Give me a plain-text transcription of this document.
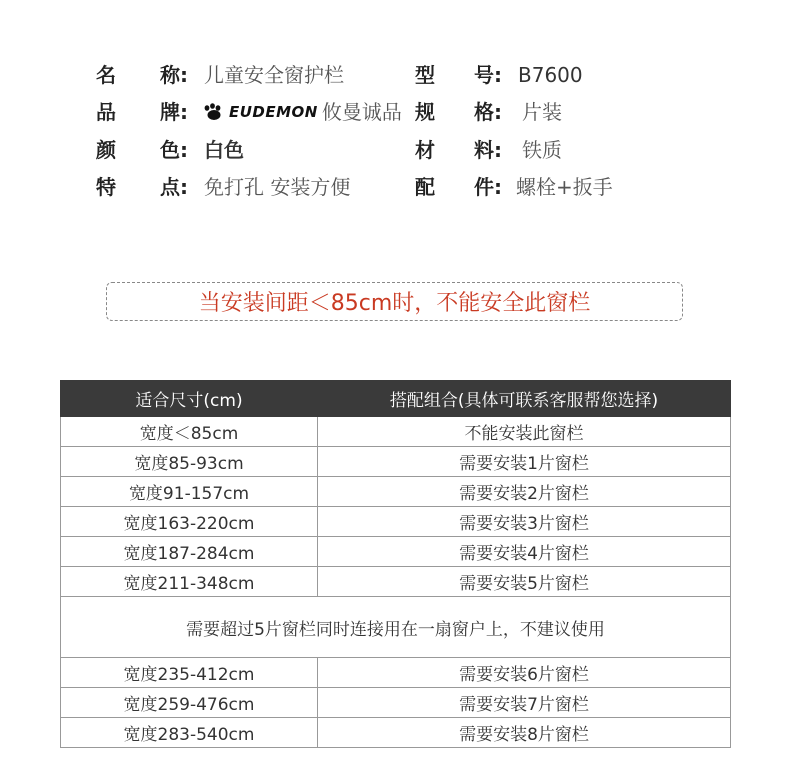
名 称: 儿童安全窗护栏	型 号: B7600
品 牌:	EUDEMON 攸曼诚品 规 格: 片装
颜 色: 白色	材 料: 铁质
特 点: 免打孔 安装方便	配 件: 螺栓+扳手
当安装间距＜85cm时，不能安全此窗栏
适合尺寸(cm)	搭配组合(具体可联系客服帮您选择)
宽度＜85cm	不能安装此窗栏
宽度85-93cm	需要安装1片窗栏
宽度91-157cm	需要安装2片窗栏
宽度163-220cm	需要安装3片窗栏
宽度187-284cm	需要安装4片窗栏
宽度211-348cm	需要安装5片窗栏
需要超过5片窗栏同时连接用在一扇窗户上，不建议使用	
宽度235-412cm	需要安装6片窗栏
宽度259-476cm	需要安装7片窗栏
宽度283-540cm	需要安装8片窗栏
